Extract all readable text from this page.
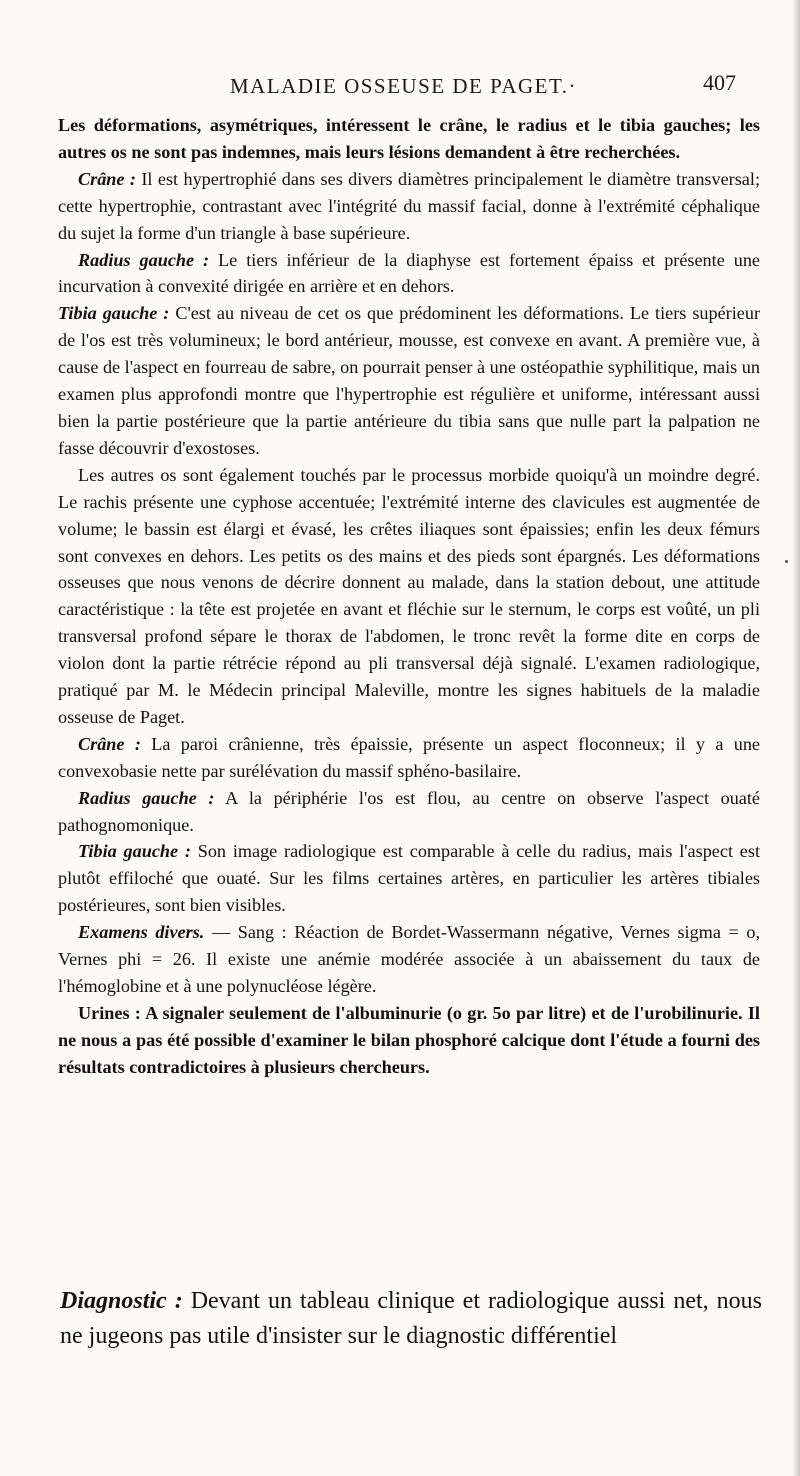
MALADIE OSSEUSE DE PAGET.·	407

Les déformations, asymétriques, intéressent le crâne, le radius et le tibia gauches; les autres os ne sont pas indemnes, mais leurs lésions demandent à être recherchées.

Crâne : Il est hypertrophié dans ses divers diamètres principalement le diamètre transversal; cette hypertrophie, contrastant avec l'intégrité du massif facial, donne à l'extrémité céphalique du sujet la forme d'un triangle à base supérieure.

Radius gauche : Le tiers inférieur de la diaphyse est fortement épaiss et présente une incurvation à convexité dirigée en arrière et en dehors.

Tibia gauche : C'est au niveau de cet os que prédominent les déformations. Le tiers supérieur de l'os est très volumineux; le bord antérieur, mousse, est convexe en avant. A première vue, à cause de l'aspect en fourreau de sabre, on pourrait penser à une ostéopathie syphilitique, mais un examen plus approfondi montre que l'hypertrophie est régulière et uniforme, intéressant aussi bien la partie postérieure que la partie antérieure du tibia sans que nulle part la palpation ne fasse découvrir d'exostoses.

Les autres os sont également touchés par le processus morbide quoiqu'à un moindre degré. Le rachis présente une cyphose accentuée; l'extrémité interne des clavicules est augmentée de volume; le bassin est élargi et évasé, les crêtes iliaques sont épaissies; enfin les deux fémurs sont convexes en dehors. Les petits os des mains et des pieds sont épargnés. Les déformations osseuses que nous venons de décrire donnent au malade, dans la station debout, une attitude caractéristique : la tête est projetée en avant et fléchie sur le sternum, le corps est voûté, un pli transversal profond sépare le thorax de l'abdomen, le tronc revêt la forme dite en corps de violon dont la partie rétrécie répond au pli transversal déjà signalé. L'examen radiologique, pratiqué par M. le Médecin principal Maleville, montre les signes habituels de la maladie osseuse de Paget.

Crâne : La paroi crânienne, très épaissie, présente un aspect floconneux; il y a une convexobasie nette par surélévation du massif sphéno-basilaire.

Radius gauche : A la périphérie l'os est flou, au centre on observe l'aspect ouaté pathognomonique.

Tibia gauche : Son image radiologique est comparable à celle du radius, mais l'aspect est plutôt effiloché que ouaté. Sur les films certaines artères, en particulier les artères tibiales postérieures, sont bien visibles.

Examens divers. — Sang : Réaction de Bordet-Wassermann négative, Vernes sigma = o, Vernes phi = 26. Il existe une anémie modérée associée à un abaissement du taux de l'hémoglobine et à une polynucléose légère.

Urines : A signaler seulement de l'albuminurie (o gr. 5o par litre) et de l'urobilinurie. Il ne nous a pas été possible d'examiner le bilan phosphoré calcique dont l'étude a fourni des résultats contradictoires à plusieurs chercheurs.

Diagnostic : Devant un tableau clinique et radiologique aussi net, nous ne jugeons pas utile d'insister sur le diagnostic différentiel
